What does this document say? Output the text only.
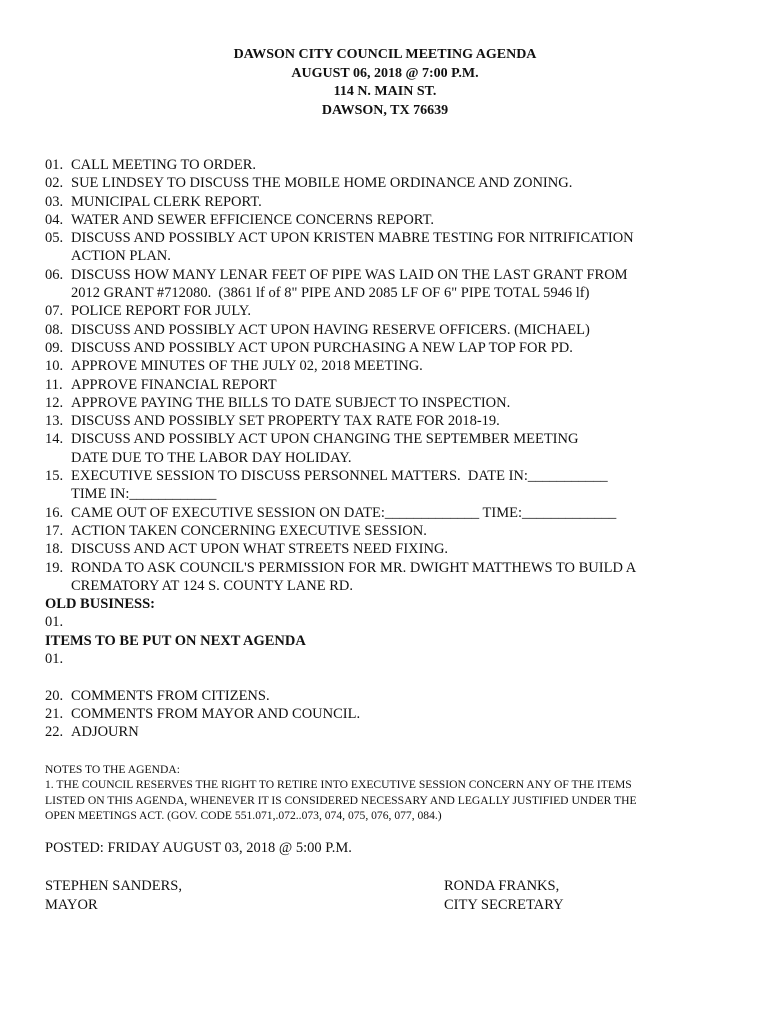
DAWSON CITY COUNCIL MEETING AGENDA
AUGUST 06, 2018 @ 7:00 P.M.
114 N. MAIN ST.
DAWSON, TX 76639
01. CALL MEETING TO ORDER.
02. SUE LINDSEY TO DISCUSS THE MOBILE HOME ORDINANCE AND ZONING.
03. MUNICIPAL CLERK REPORT.
04. WATER AND SEWER EFFICIENCE CONCERNS REPORT.
05. DISCUSS AND POSSIBLY ACT UPON KRISTEN MABRE TESTING FOR NITRIFICATION
ACTION PLAN.
06. DISCUSS HOW MANY LENAR FEET OF PIPE WAS LAID ON THE LAST GRANT FROM
2012 GRANT #712080.  (3861 lf of 8" PIPE AND 2085 LF OF 6" PIPE TOTAL 5946 lf)
07. POLICE REPORT FOR JULY.
08. DISCUSS AND POSSIBLY ACT UPON HAVING RESERVE OFFICERS. (MICHAEL)
09. DISCUSS AND POSSIBLY ACT UPON PURCHASING A NEW LAP TOP FOR PD.
10. APPROVE MINUTES OF THE JULY 02, 2018 MEETING.
11. APPROVE FINANCIAL REPORT
12. APPROVE PAYING THE BILLS TO DATE SUBJECT TO INSPECTION.
13. DISCUSS AND POSSIBLY SET PROPERTY TAX RATE FOR 2018-19.
14. DISCUSS AND POSSIBLY ACT UPON CHANGING THE SEPTEMBER MEETING
DATE DUE TO THE LABOR DAY HOLIDAY.
15. EXECUTIVE SESSION TO DISCUSS PERSONNEL MATTERS.  DATE IN:___________
TIME IN:____________
16. CAME OUT OF EXECUTIVE SESSION ON DATE:_____________ TIME:_____________
17. ACTION TAKEN CONCERNING EXECUTIVE SESSION.
18. DISCUSS AND ACT UPON WHAT STREETS NEED FIXING.
19. RONDA TO ASK COUNCIL'S PERMISSION FOR MR. DWIGHT MATTHEWS TO BUILD A
CREMATORY AT 124 S. COUNTY LANE RD.
OLD BUSINESS:
01.
ITEMS TO BE PUT ON NEXT AGENDA
01.
20. COMMENTS FROM CITIZENS.
21. COMMENTS FROM MAYOR AND COUNCIL.
22. ADJOURN
NOTES TO THE AGENDA:
1. THE COUNCIL RESERVES THE RIGHT TO RETIRE INTO EXECUTIVE SESSION CONCERN ANY OF THE ITEMS
LISTED ON THIS AGENDA, WHENEVER IT IS CONSIDERED NECESSARY AND LEGALLY JUSTIFIED UNDER THE
OPEN MEETINGS ACT. (GOV. CODE 551.071,.072..073, 074, 075, 076, 077, 084.)
POSTED: FRIDAY AUGUST 03, 2018 @ 5:00 P.M.
STEPHEN SANDERS,
MAYOR
RONDA FRANKS,
CITY SECRETARY
